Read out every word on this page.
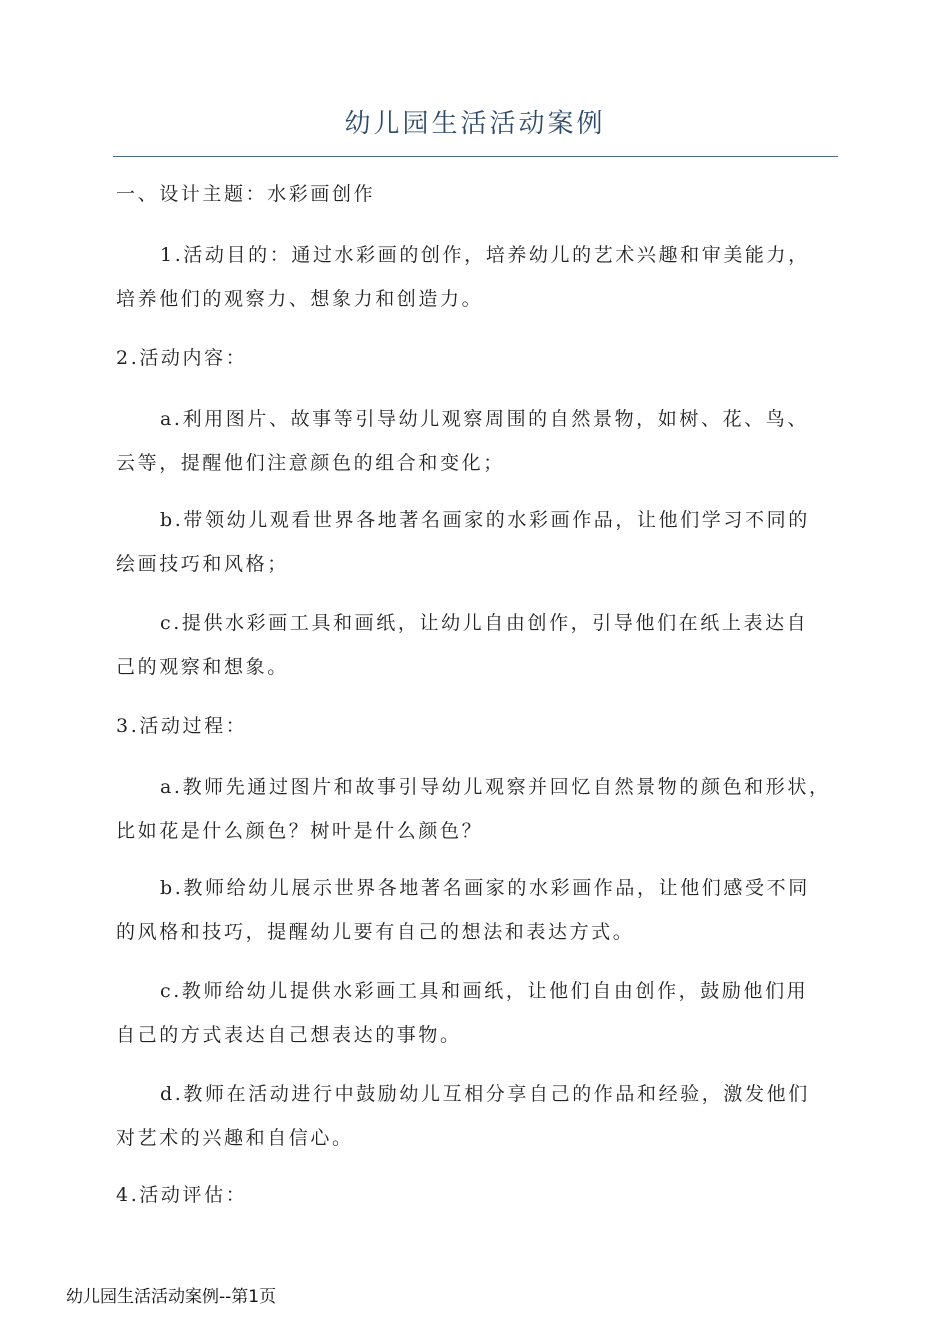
幼儿园生活活动案例
一、设计主题：水彩画创作
1.活动目的：通过水彩画的创作，培养幼儿的艺术兴趣和审美能力，
培养他们的观察力、想象力和创造力。
2.活动内容：
a.利用图片、故事等引导幼儿观察周围的自然景物，如树、花、鸟、
云等，提醒他们注意颜色的组合和变化；
b.带领幼儿观看世界各地著名画家的水彩画作品，让他们学习不同的
绘画技巧和风格；
c.提供水彩画工具和画纸，让幼儿自由创作，引导他们在纸上表达自
己的观察和想象。
3.活动过程：
a.教师先通过图片和故事引导幼儿观察并回忆自然景物的颜色和形状，
比如花是什么颜色？树叶是什么颜色？
b.教师给幼儿展示世界各地著名画家的水彩画作品，让他们感受不同
的风格和技巧，提醒幼儿要有自己的想法和表达方式。
c.教师给幼儿提供水彩画工具和画纸，让他们自由创作，鼓励他们用
自己的方式表达自己想表达的事物。
d.教师在活动进行中鼓励幼儿互相分享自己的作品和经验，激发他们
对艺术的兴趣和自信心。
4.活动评估：
幼儿园生活活动案例--第1页
